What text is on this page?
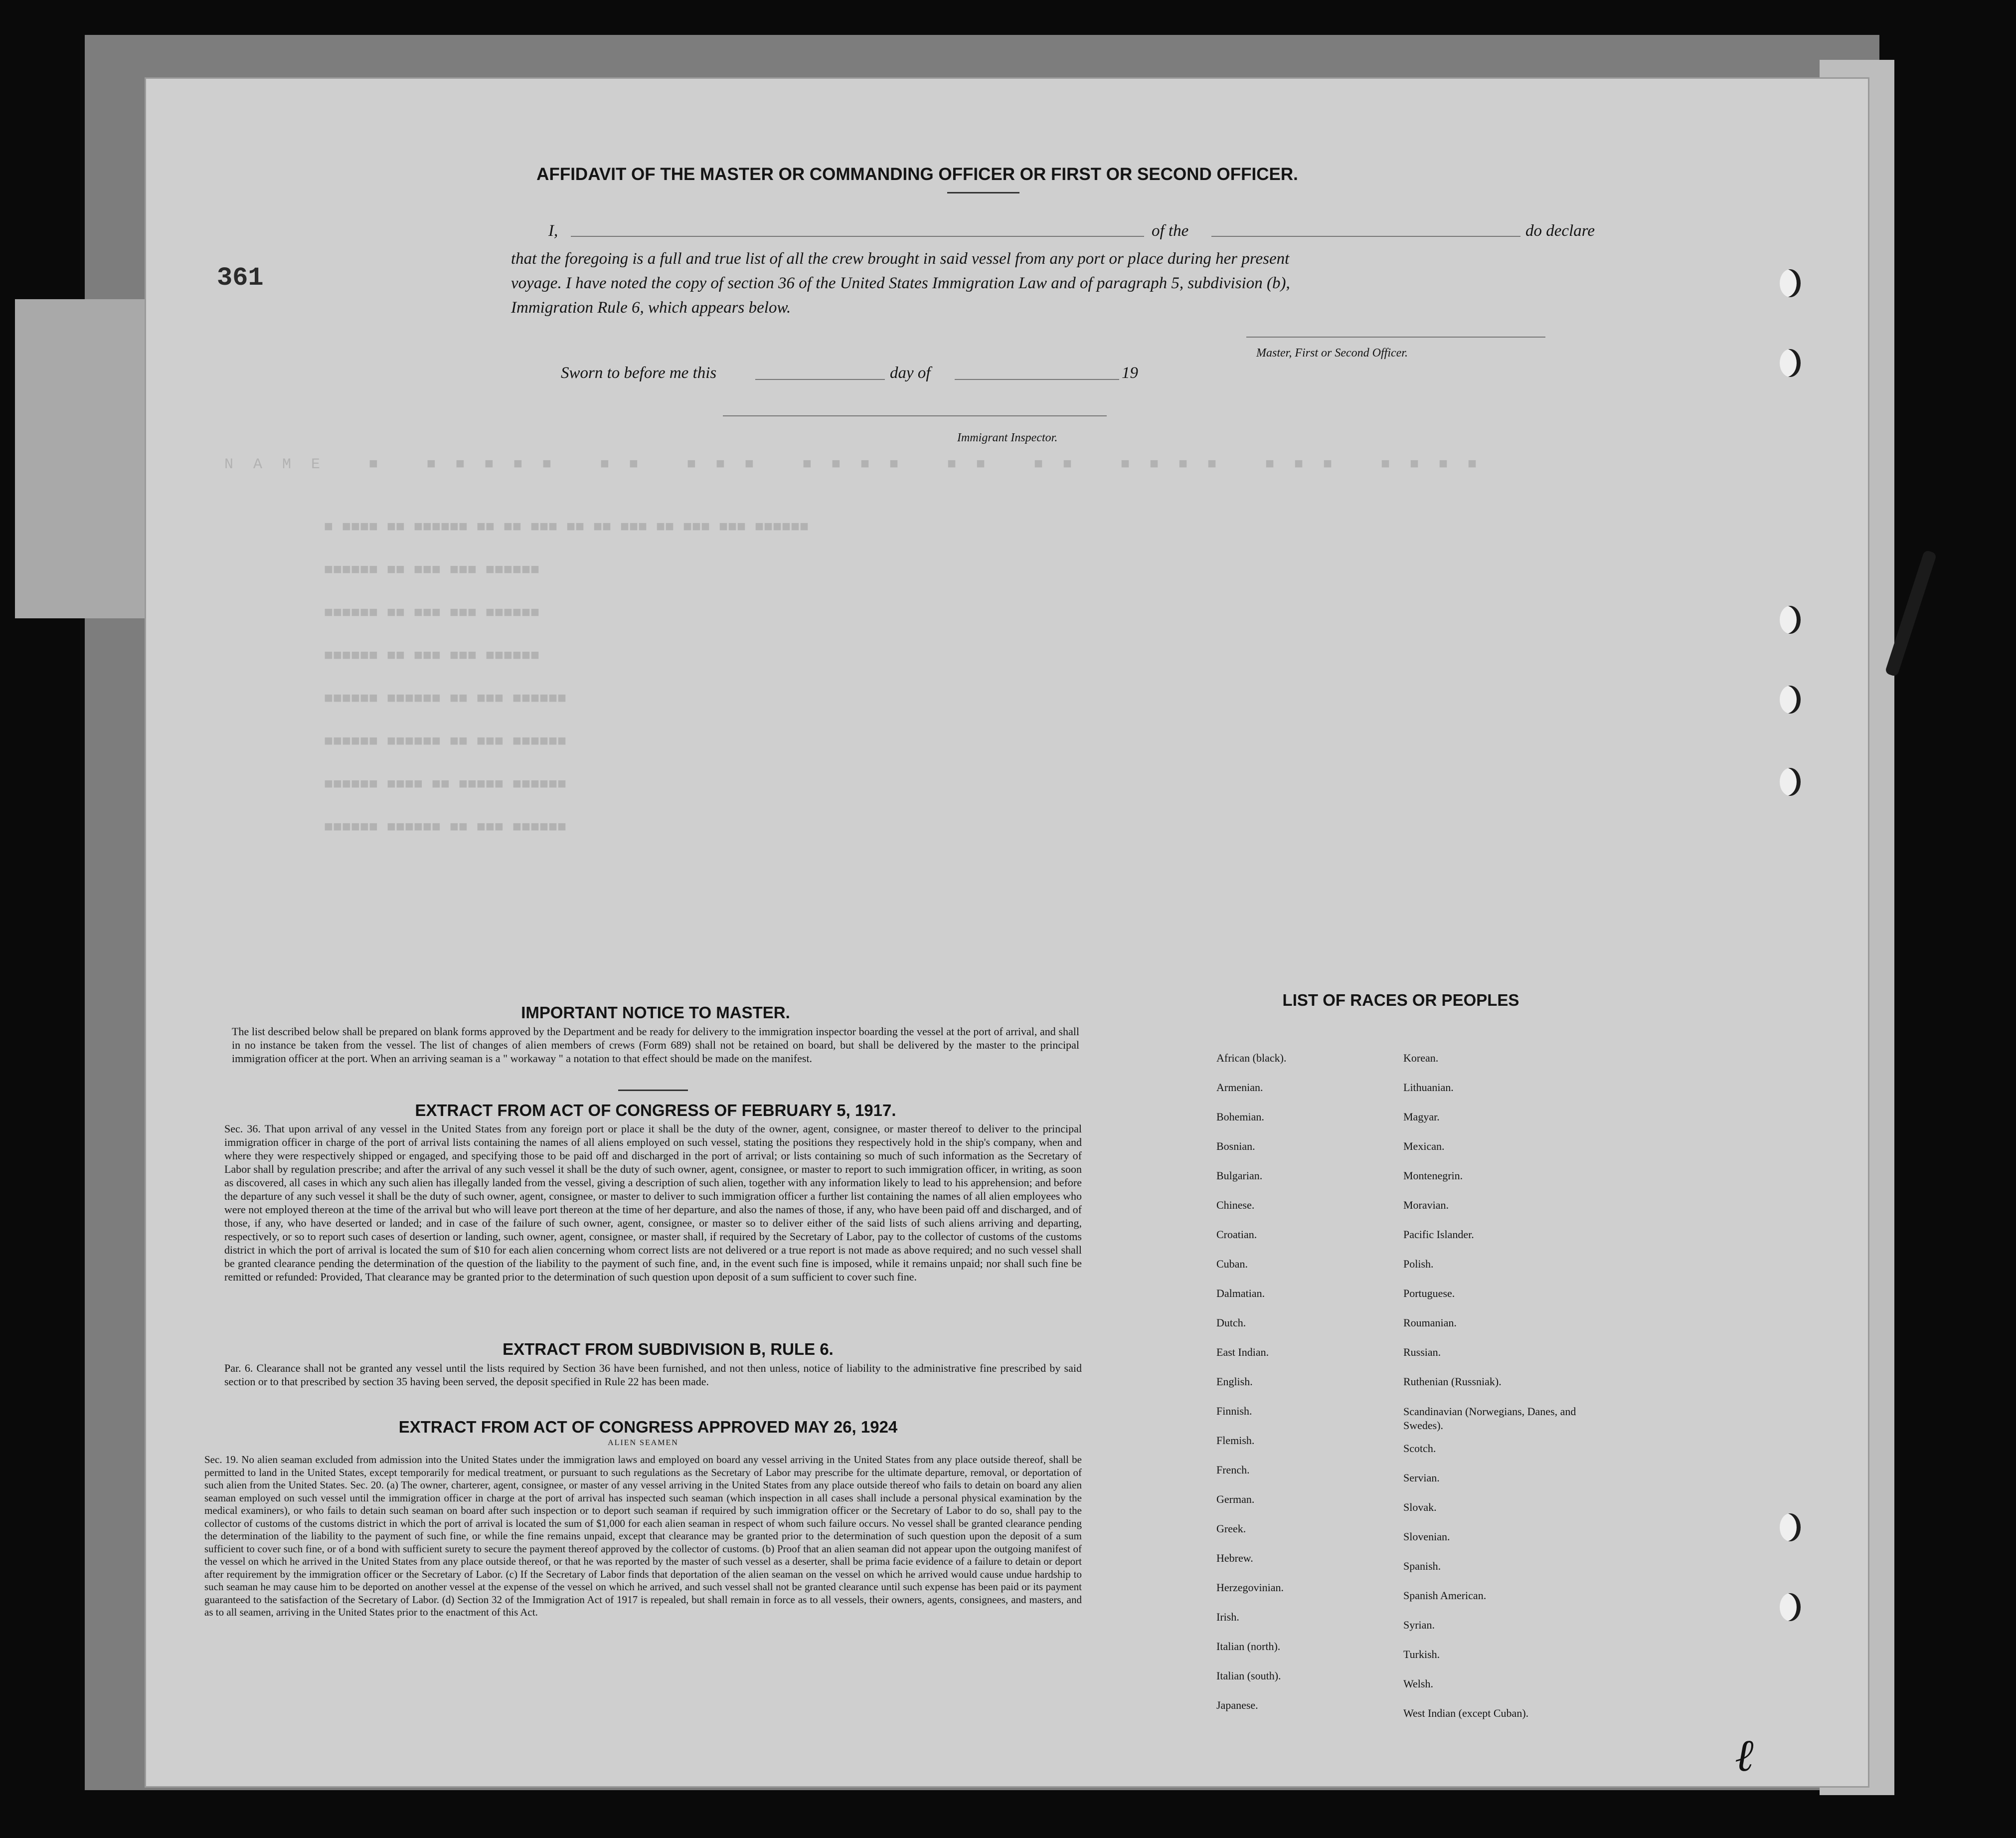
NAME ■ ■■■■■ ■■ ■■■ ■■■■ ■■ ■■ ■■■■ ■■■ ■■■■
■ ■■■■ ■■ ■■■■■■ ■■ ■■ ■■■ ■■ ■■ ■■■ ■■ ■■■ ■■■ ■■■■■■
■■■■■■ ■■ ■■■ ■■■ ■■■■■■
■■■■■■ ■■ ■■■ ■■■ ■■■■■■
■■■■■■ ■■ ■■■ ■■■ ■■■■■■
■■■■■■ ■■■■■■ ■■ ■■■ ■■■■■■
■■■■■■ ■■■■■■ ■■ ■■■ ■■■■■■
■■■■■■ ■■■■ ■■ ■■■■■ ■■■■■■
■■■■■■ ■■■■■■ ■■ ■■■ ■■■■■■
361
AFFIDAVIT OF THE MASTER OR COMMANDING OFFICER OR FIRST OR SECOND OFFICER.
I,	of the	do declare
that the foregoing is a full and true list of all the crew brought in said vessel from any port or place during her present
voyage. I have noted the copy of section 36 of the United States Immigration Law and of paragraph 5, subdivision (b),
Immigration Rule 6, which appears below.
Master, First or Second Officer.
Sworn to before me this	day of	19
Immigrant Inspector.
IMPORTANT NOTICE TO MASTER.
The list described below shall be prepared on blank forms approved by the Department and be ready for delivery to the immigration inspector boarding the vessel at the port of arrival, and shall in no instance be taken from the vessel. The list of changes of alien members of crews (Form 689) shall not be retained on board, but shall be delivered by the master to the principal immigration officer at the port. When an arriving seaman is a " workaway " a notation to that effect should be made on the manifest.
EXTRACT FROM ACT OF CONGRESS OF FEBRUARY 5, 1917.
Sec. 36. That upon arrival of any vessel in the United States from any foreign port or place it shall be the duty of the owner, agent, consignee, or master thereof to deliver to the principal immigration officer in charge of the port of arrival lists containing the names of all aliens employed on such vessel, stating the positions they respectively hold in the ship's company, when and where they were respectively shipped or engaged, and specifying those to be paid off and discharged in the port of arrival; or lists containing so much of such information as the Secretary of Labor shall by regulation prescribe; and after the arrival of any such vessel it shall be the duty of such owner, agent, consignee, or master to report to such immigration officer, in writing, as soon as discovered, all cases in which any such alien has illegally landed from the vessel, giving a description of such alien, together with any information likely to lead to his apprehension; and before the departure of any such vessel it shall be the duty of such owner, agent, consignee, or master to deliver to such immigration officer a further list containing the names of all alien employees who were not employed thereon at the time of the arrival but who will leave port thereon at the time of her departure, and also the names of those, if any, who have been paid off and discharged, and of those, if any, who have deserted or landed; and in case of the failure of such owner, agent, consignee, or master so to deliver either of the said lists of such aliens arriving and departing, respectively, or so to report such cases of desertion or landing, such owner, agent, consignee, or master shall, if required by the Secretary of Labor, pay to the collector of customs of the customs district in which the port of arrival is located the sum of $10 for each alien concerning whom correct lists are not delivered or a true report is not made as above required; and no such vessel shall be granted clearance pending the determination of the question of the liability to the payment of such fine, and, in the event such fine is imposed, while it remains unpaid; nor shall such fine be remitted or refunded: Provided, That clearance may be granted prior to the determination of such question upon deposit of a sum sufficient to cover such fine.
EXTRACT FROM SUBDIVISION B, RULE 6.
Par. 6. Clearance shall not be granted any vessel until the lists required by Section 36 have been furnished, and not then unless, notice of liability to the administrative fine prescribed by said section or to that prescribed by section 35 having been served, the deposit specified in Rule 22 has been made.
EXTRACT FROM ACT OF CONGRESS APPROVED MAY 26, 1924
ALIEN SEAMEN
Sec. 19. No alien seaman excluded from admission into the United States under the immigration laws and employed on board any vessel arriving in the United States from any place outside thereof, shall be permitted to land in the United States, except temporarily for medical treatment, or pursuant to such regulations as the Secretary of Labor may prescribe for the ultimate departure, removal, or deportation of such alien from the United States. Sec. 20. (a) The owner, charterer, agent, consignee, or master of any vessel arriving in the United States from any place outside thereof who fails to detain on board any alien seaman employed on such vessel until the immigration officer in charge at the port of arrival has inspected such seaman (which inspection in all cases shall include a personal physical examination by the medical examiners), or who fails to detain such seaman on board after such inspection or to deport such seaman if required by such immigration officer or the Secretary of Labor to do so, shall pay to the collector of customs of the customs district in which the port of arrival is located the sum of $1,000 for each alien seaman in respect of whom such failure occurs. No vessel shall be granted clearance pending the determination of the liability to the payment of such fine, or while the fine remains unpaid, except that clearance may be granted prior to the determination of such question upon the deposit of a sum sufficient to cover such fine, or of a bond with sufficient surety to secure the payment thereof approved by the collector of customs. (b) Proof that an alien seaman did not appear upon the outgoing manifest of the vessel on which he arrived in the United States from any place outside thereof, or that he was reported by the master of such vessel as a deserter, shall be prima facie evidence of a failure to detain or deport after requirement by the immigration officer or the Secretary of Labor. (c) If the Secretary of Labor finds that deportation of the alien seaman on the vessel on which he arrived would cause undue hardship to such seaman he may cause him to be deported on another vessel at the expense of the vessel on which he arrived, and such vessel shall not be granted clearance until such expense has been paid or its payment guaranteed to the satisfaction of the Secretary of Labor. (d) Section 32 of the Immigration Act of 1917 is repealed, but shall remain in force as to all vessels, their owners, agents, consignees, and masters, and as to all seamen, arriving in the United States prior to the enactment of this Act.
LIST OF RACES OR PEOPLES
African (black).
Armenian.
Bohemian.
Bosnian.
Bulgarian.
Chinese.
Croatian.
Cuban.
Dalmatian.
Dutch.
East Indian.
English.
Finnish.
Flemish.
French.
German.
Greek.
Hebrew.
Herzegovinian.
Irish.
Italian (north).
Italian (south).
Japanese.
Korean.
Lithuanian.
Magyar.
Mexican.
Montenegrin.
Moravian.
Pacific Islander.
Polish.
Portuguese.
Roumanian.
Russian.
Ruthenian (Russniak).
Scandinavian (Norwegians, Danes, and Swedes).
Scotch.
Servian.
Slovak.
Slovenian.
Spanish.
Spanish American.
Syrian.
Turkish.
Welsh.
West Indian (except Cuban).
ℓ
